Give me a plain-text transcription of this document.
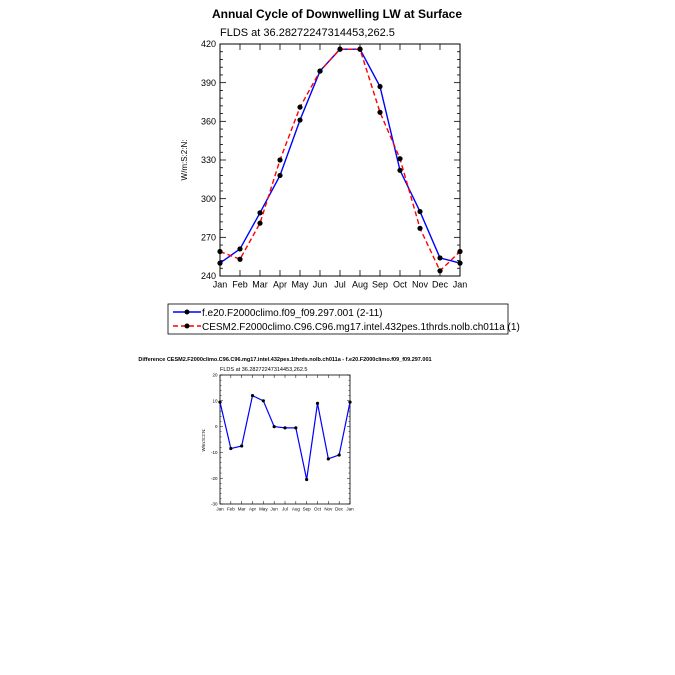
Annual Cycle of Downwelling LW at Surface
FLDS at 36.28272247314453,262.5
W/m:S:2:N:
240
270
300
330
360
390
420
Jan Feb Mar Apr May Jun Jul Aug Sep Oct Nov Dec Jan
f.e20.F2000climo.f09_f09.297.001 (2-11)
CESM2.F2000climo.C96.C96.mg17.intel.432pes.1thrds.nolb.ch011a (1)
Difference CESM2.F2000climo.C96.C96.mg17.intel.432pes.1thrds.nolb.ch011a - f.e20.F2000climo.f09_f09.297.001
FLDS at 36.28272247314453,262.5
W/m:S:2:N:
-30
-20
-10
0
10
20
Jan Feb Mar Apr May Jun Jul Aug Sep Oct Nov Dec Jan
